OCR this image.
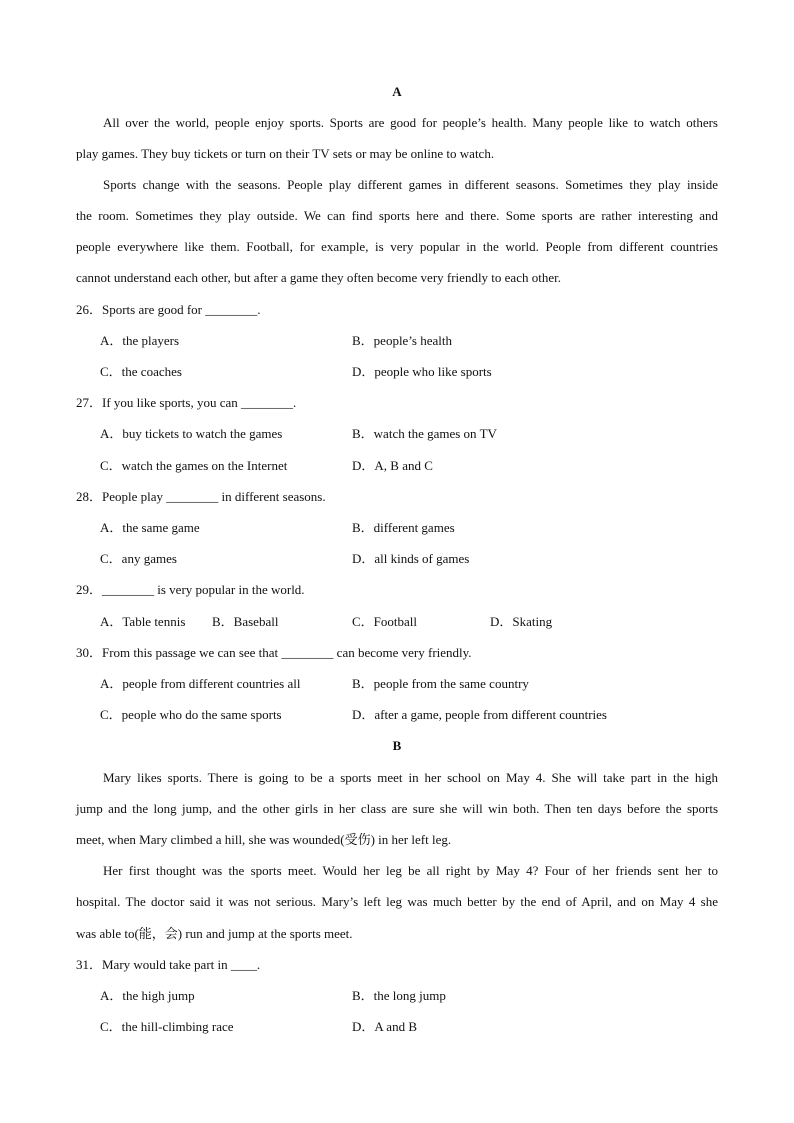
A
All over the world, people enjoy sports. Sports are good for people’s health. Many people like to watch others
play games. They buy tickets or turn on their TV sets or may be online to watch.
Sports change with the seasons. People play different games in different seasons. Sometimes they play inside
the room. Sometimes they play outside. We can find sports here and there. Some sports are rather interesting and
people everywhere like them. Football, for example, is very popular in the world. People from different countries
cannot understand each other, but after a game they often become very friendly to each other.
26．Sports are good for ________.
A．the players	B．people’s health
C．the coaches	D．people who like sports
27．If you like sports, you can ________.
A．buy tickets to watch the games	B．watch the games on TV
C．watch the games on the Internet	D．A, B and C
28．People play ________ in different seasons.
A．the same game	B．different games
C．any games	D．all kinds of games
29．________ is very popular in the world.
A．Table tennis B．Baseball	C．Football	D．Skating
30．From this passage we can see that ________ can become very friendly.
A．people from different countries all	B．people from the same country
C．people who do the same sports	D．after a game, people from different countries
B
Mary likes sports. There is going to be a sports meet in her school on May 4. She will take part in the high
jump and the long jump, and the other girls in her class are sure she will win both. Then ten days before the sports
meet, when Mary climbed a hill, she was wounded(受伤) in her left leg.
Her first thought was the sports meet. Would her leg be all right by May 4? Four of her friends sent her to
hospital. The doctor said it was not serious. Mary’s left leg was much better by the end of April, and on May 4 she
was able to(能，会) run and jump at the sports meet.
31．Mary would take part in ____.
A．the high jump	B．the long jump
C．the hill-climbing race	D．A and B
